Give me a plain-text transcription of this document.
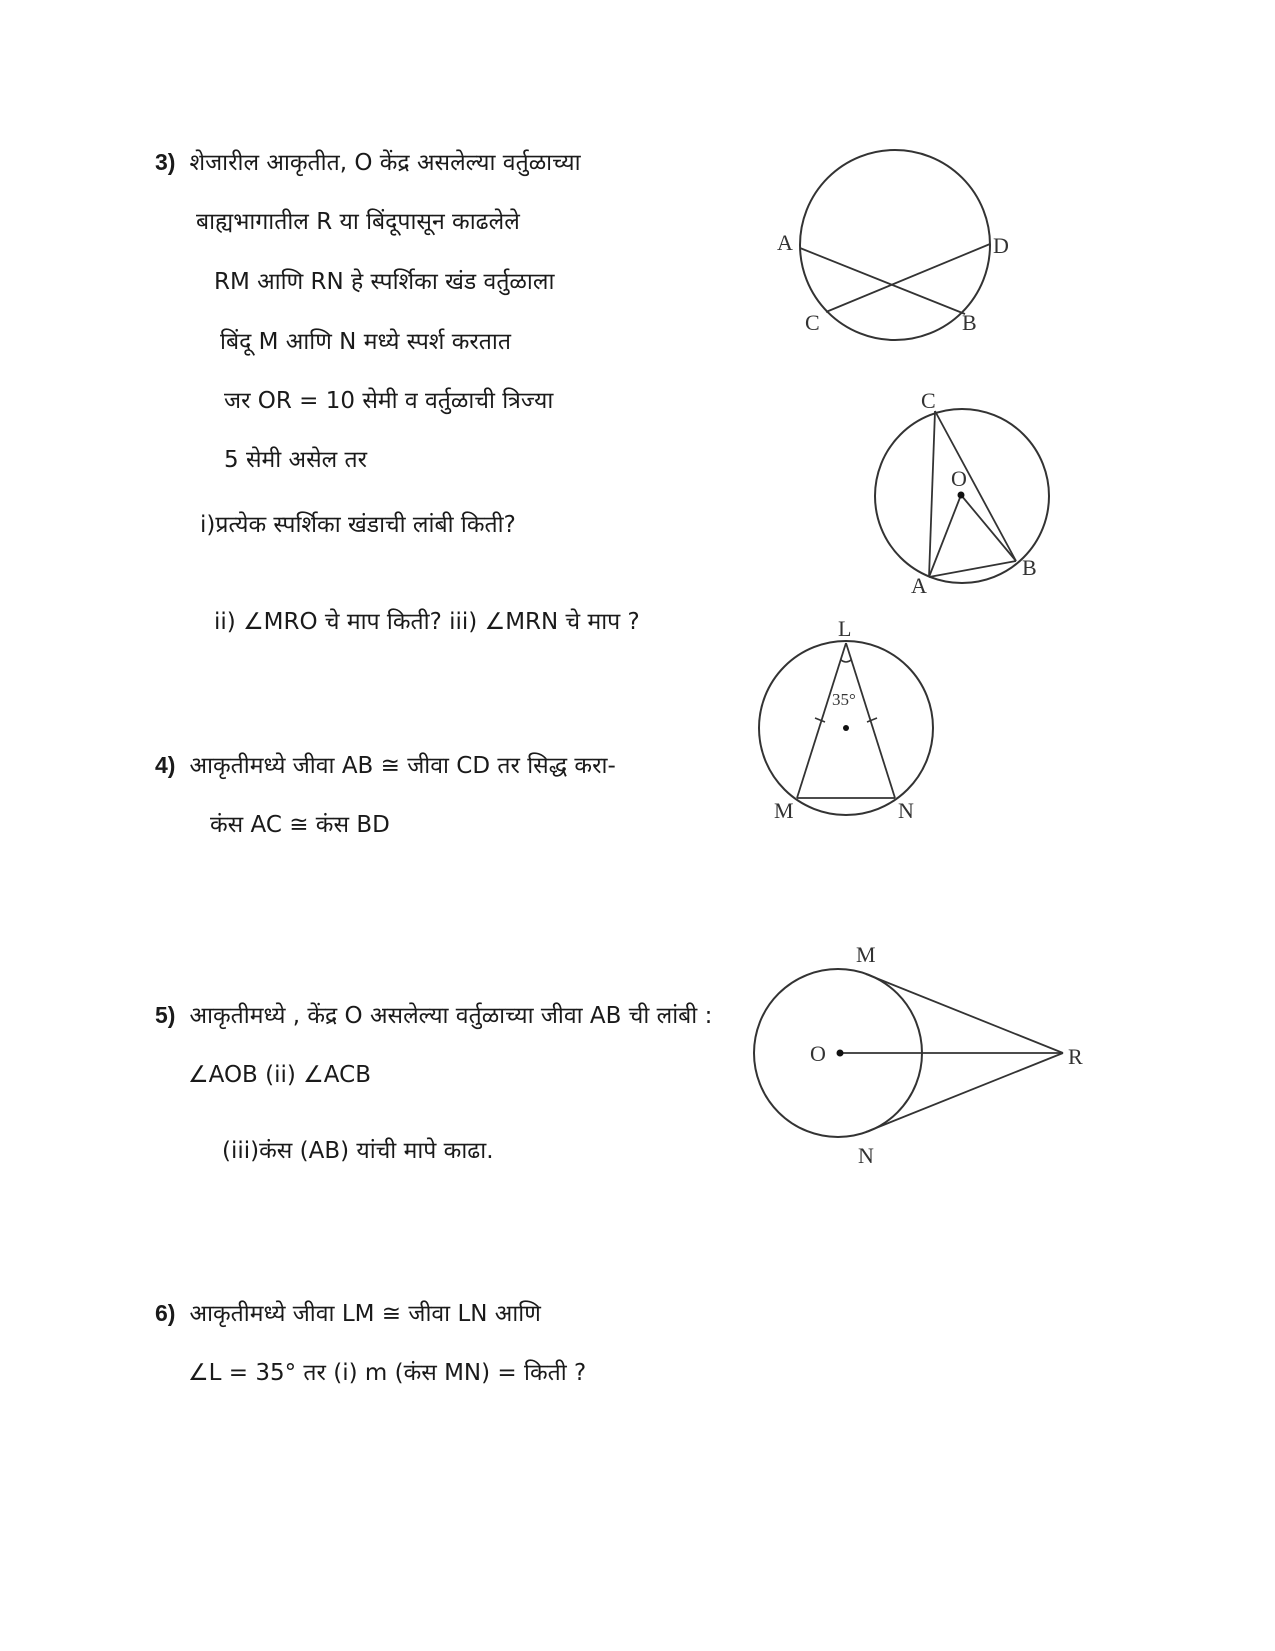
3) शेजारील आकृतीत, O केंद्र असलेल्या वर्तुळाच्या
बाह्यभागातील R या बिंदूपासून काढलेले
RM आणि RN हे स्पर्शिका खंड वर्तुळाला
बिंदू M आणि N मध्ये स्पर्श करतात
जर OR = 10 सेमी व वर्तुळाची त्रिज्या
5 सेमी असेल तर
i)प्रत्येक स्पर्शिका खंडाची लांबी किती?
ii) ∠MRO चे माप किती? iii) ∠MRN चे माप ?
4) आकृतीमध्ये जीवा AB ≅ जीवा CD तर सिद्ध करा-
कंस AC ≅ कंस BD
5) आकृतीमध्ये , केंद्र O असलेल्या वर्तुळाच्या जीवा AB ची लांबी :
∠AOB (ii) ∠ACB
(iii)कंस (AB) यांची मापे काढा.
6) आकृतीमध्ये जीवा LM ≅ जीवा LN आणि
∠L = 35° तर (i) m (कंस MN) = किती ?
A	D
C	B
C
O
A
B
L
35°
M	N
M
O	R
N
